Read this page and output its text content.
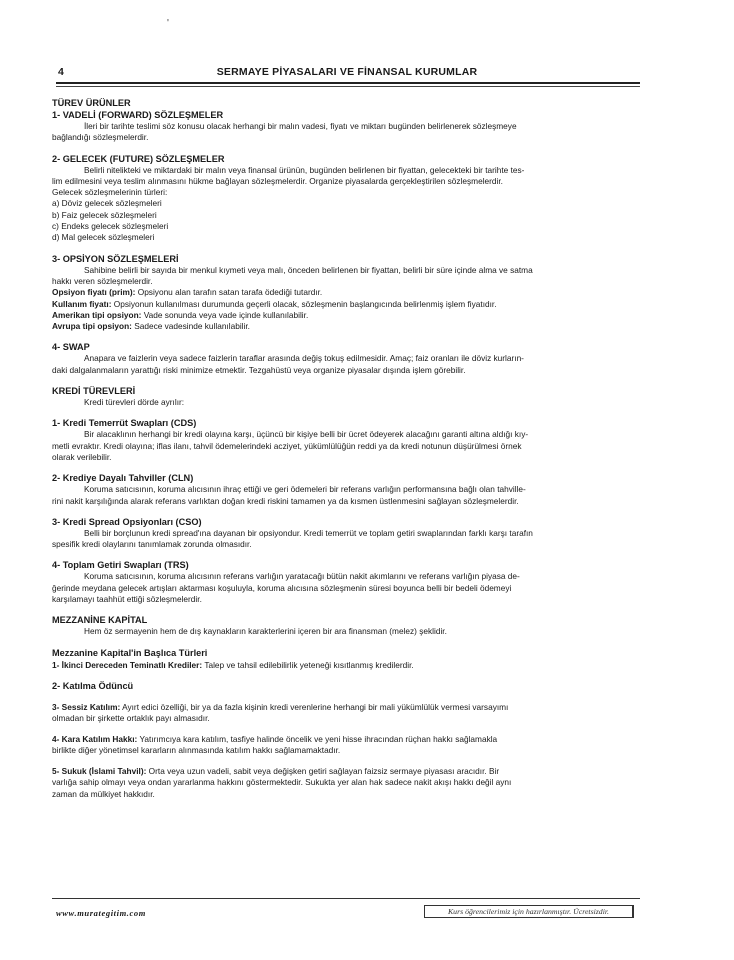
'
4	SERMAYE PİYASALARI VE FİNANSAL KURUMLAR

TÜREV ÜRÜNLER

1- VADELİ (FORWARD) SÖZLEŞMELER

İleri bir tarihte teslimi söz konusu olacak herhangi bir malın vadesi, fiyatı ve miktarı bugünden belirlenerek sözleşmeye

bağlandığı sözleşmelerdir.

2- GELECEK (FUTURE) SÖZLEŞMELER

Belirli nitelikteki ve miktardaki bir malın veya finansal ürünün, bugünden belirlenen bir fiyattan, gelecekteki bir tarihte tes-

lim edilmesini veya teslim alınmasını hükme bağlayan sözleşmelerdir. Organize piyasalarda gerçekleştirilen sözleşmelerdir.

Gelecek sözleşmelerinin türleri:

a) Döviz gelecek sözleşmeleri

b) Faiz gelecek sözleşmeleri

c) Endeks gelecek sözleşmeleri

d) Mal gelecek sözleşmeleri

3- OPSİYON SÖZLEŞMELERİ

Sahibine belirli bir sayıda bir menkul kıymeti veya malı, önceden belirlenen bir fiyattan, belirli bir süre içinde alma ve satma

hakkı veren sözleşmelerdir.

Opsiyon fiyatı (prim): Opsiyonu alan tarafın satan tarafa ödediği tutardır.

Kullanım fiyatı: Opsiyonun kullanılması durumunda geçerli olacak, sözleşmenin başlangıcında belirlenmiş işlem fiyatıdır.

Amerikan tipi opsiyon: Vade sonunda veya vade içinde kullanılabilir.

Avrupa tipi opsiyon: Sadece vadesinde kullanılabilir.

4- SWAP

Anapara ve faizlerin veya sadece faizlerin taraflar arasında değiş tokuş edilmesidir. Amaç; faiz oranları ile döviz kurların-

daki dalgalanmaların yarattığı riski minimize etmektir. Tezgahüstü veya organize piyasalar dışında işlem görebilir.

KREDİ TÜREVLERİ

Kredi türevleri dörde ayrılır:

1- Kredi Temerrüt Swapları (CDS)

Bir alacaklının herhangi bir kredi olayına karşı, üçüncü bir kişiye belli bir ücret ödeyerek alacağını garanti altına aldığı kıy-

metli evraktır. Kredi olayına; iflas ilanı, tahvil ödemelerindeki acziyet, yükümlülüğün reddi ya da kredi notunun düşürülmesi örnek

olarak verilebilir.

2- Krediye Dayalı Tahviller (CLN)

Koruma satıcısının, koruma alıcısının ihraç ettiği ve geri ödemeleri bir referans varlığın performansına bağlı olan tahville-

rini nakit karşılığında alarak referans varlıktan doğan kredi riskini tamamen ya da kısmen üstlenmesini sağlayan sözleşmelerdir.

3- Kredi Spread Opsiyonları (CSO)

Belli bir borçlunun kredi spread'ına dayanan bir opsiyondur. Kredi temerrüt ve toplam getiri swaplarından farklı karşı tarafın

spesifik kredi olaylarını tanımlamak zorunda olmasıdır.

4- Toplam Getiri Swapları (TRS)

Koruma satıcısının, koruma alıcısının referans varlığın yaratacağı bütün nakit akımlarını ve referans varlığın piyasa de-

ğerinde meydana gelecek artışları aktarması koşuluyla, koruma alıcısına sözleşmenin süresi boyunca belli bir bedeli ödemeyi

karşılamayı taahhüt ettiği sözleşmelerdir.

MEZZANİNE KAPİTAL

Hem öz sermayenin hem de dış kaynakların karakterlerini içeren bir ara finansman (melez) şeklidir.

Mezzanine Kapital'in Başlıca Türleri

1- İkinci Dereceden Teminatlı Krediler: Talep ve tahsil edilebilirlik yeteneği kısıtlanmış kredilerdir.

2- Katılma Ödüncü

3- Sessiz Katılım: Ayırt edici özelliği, bir ya da fazla kişinin kredi verenlerine herhangi bir mali yükümlülük vermesi varsayımı

olmadan bir şirkette ortaklık payı almasıdır.

4- Kara Katılım Hakkı: Yatırımcıya kara katılım, tasfiye halinde öncelik ve yeni hisse ihracından rüçhan hakkı sağlamakla

birlikte diğer yönetimsel kararların alınmasında katılım hakkı sağlamamaktadır.

5- Sukuk (İslami Tahvil): Orta veya uzun vadeli, sabit veya değişken getiri sağlayan faizsiz sermaye piyasası aracıdır. Bir

varlığa sahip olmayı veya ondan yararlanma hakkını göstermektedir. Sukukta yer alan hak sadece nakit akışı hakkı değil aynı

zaman da mülkiyet hakkıdır.

www.murategitim.com	Kurs öğrencilerimiz için hazırlanmıştır. Ücretsizdir.
